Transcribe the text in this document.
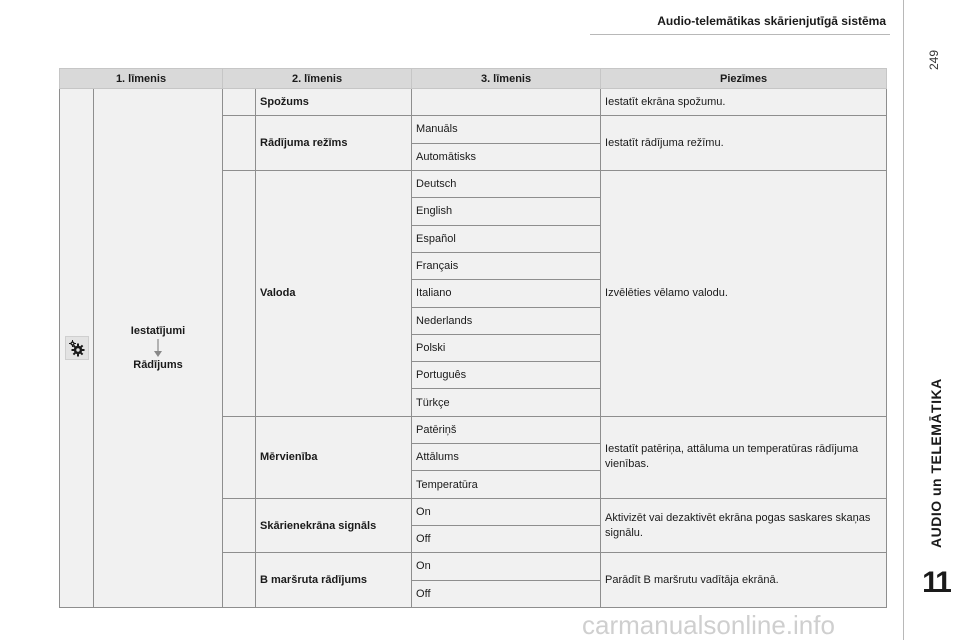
Audio-telemātikas skārienjutīgā sistēma
249
AUDIO un TELEMĀTIKA
11
1. līmenis		2. līmenis		3. līmenis	Piezīmes

Iestatījumi
Rādījums		Spožums		Iestatīt ekrāna spožumu.
			Rādījuma režīms	Manuāls	Iestatīt rādījuma režīmu.
				Automātisks	
			Valoda	Deutsch	Izvēlēties vēlamo valodu.
				English	
				Español	
				Français	
				Italiano	
				Nederlands	
				Polski	
				Português	
				Türkçe	
			Mērvienība	Patēriņš	Iestatīt patēriņa, attāluma un temperatūras rādījuma vienības.
				Attālums	
				Temperatūra	
			Skārienekrāna signāls	On	Aktivizēt vai dezaktivēt ekrāna pogas saskares skaņas signālu.
				Off	
			B maršruta rādījums	On	Parādīt B maršrutu vadītāja ekrānā.
				Off	
carmanualsonline.info
